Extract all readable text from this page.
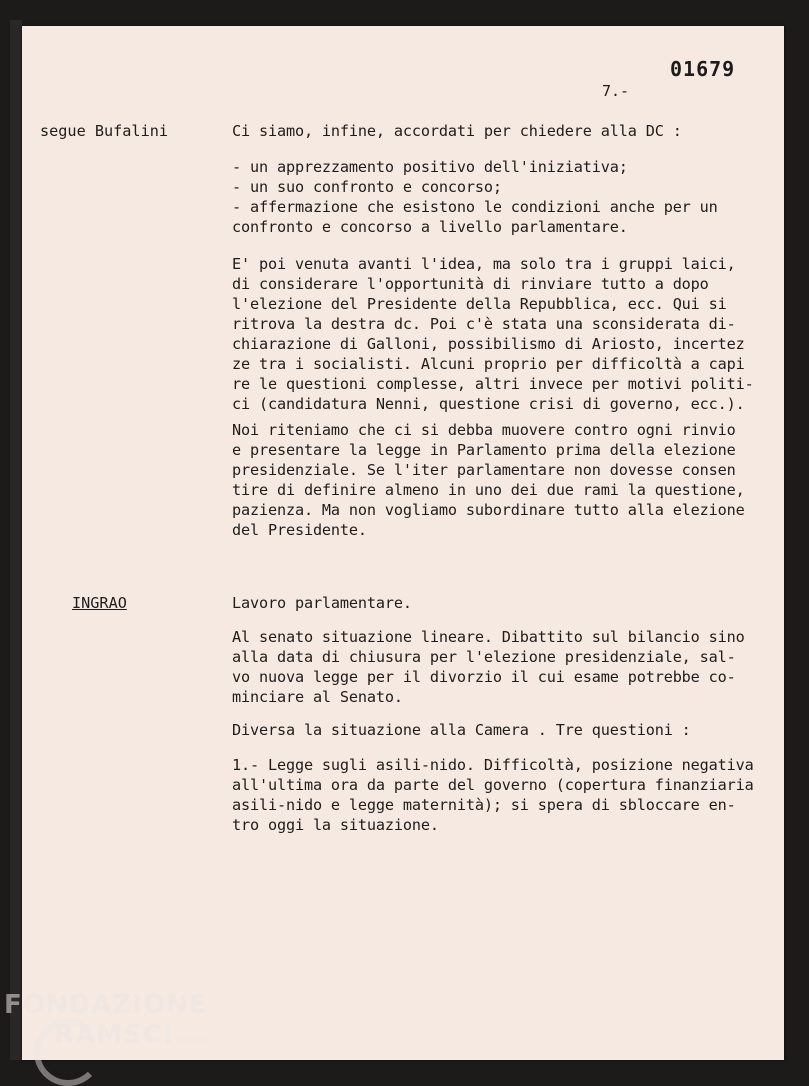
01679
7.-
segue Bufalini	Ci siamo, infine, accordati per chiedere alla DC :
- un apprezzamento positivo dell'iniziativa;
- un suo confronto e concorso;
- affermazione che esistono le condizioni anche per un
confronto e concorso a livello parlamentare.
E' poi venuta avanti l'idea, ma solo tra i gruppi laici,
di considerare l'opportunità di rinviare tutto a dopo
l'elezione del Presidente della Repubblica, ecc. Qui si
ritrova la destra dc. Poi c'è stata una sconsiderata di-
chiarazione di Galloni, possibilismo di Ariosto, incertez
ze tra i socialisti. Alcuni proprio per difficoltà a capi
re le questioni complesse, altri invece per motivi politi-
ci (candidatura Nenni, questione crisi di governo, ecc.).
Noi riteniamo che ci si debba muovere contro ogni rinvio
e presentare la legge in Parlamento prima della elezione
presidenziale. Se l'iter parlamentare non dovesse consen
tire di definire almeno in uno dei due rami la questione,
pazienza. Ma non vogliamo subordinare tutto alla elezione
del Presidente.
INGRAO	Lavoro parlamentare.
Al senato situazione lineare. Dibattito sul bilancio sino
alla data di chiusura per l'elezione presidenziale, sal-
vo nuova legge per il divorzio il cui esame potrebbe co-
minciare al Senato.
Diversa la situazione alla Camera . Tre questioni :
1.- Legge sugli asili-nido. Difficoltà, posizione negativa
all'ultima ora da parte del governo (copertura finanziaria
asili-nido e legge maternità); si spera di sbloccare en-
tro oggi la situazione.
FONDAZIONE
RAMSCI onlus
